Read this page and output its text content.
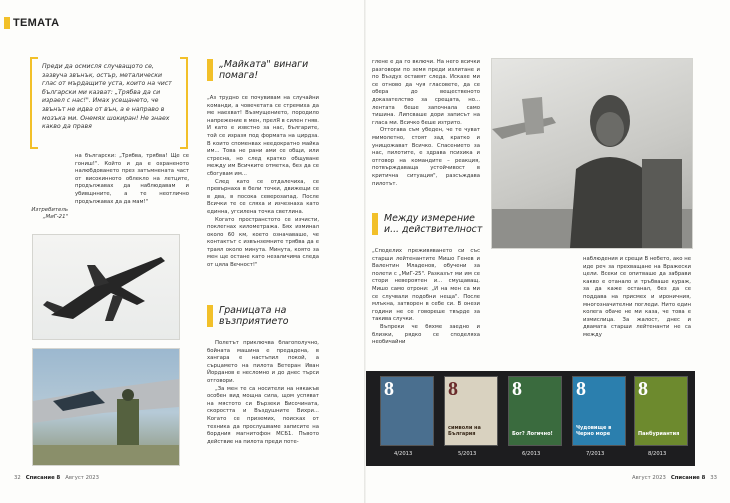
ТЕМАТА

Преди да осмисля случващото се, зазвуча звънък, остър, металически глас от мърдащите устa, които на чист български ми казват: „Трябва да си израел с нас!". Имах усещането, че звънът не идва от вън, а е направо в мозъка ми. Онемях шокиран! Не знаех какво да правя

Изтребитель „МиГ-21"

на български: „Трябва, трябва! Ще се гониш!". Който и да е охраненото налюбдоването през затъмнената част от високинното облекло на летците, продължавах да наблюдавам и убивщнните, а те неотлично продължавах да да мам!"

„Майката" винаги помага!

„Аз трудно се почувивам на случайни команди, а човечетата се стремиха да ме наехват! Възмущението, породило напрежение в мен, прелЯ в силен гняв. И като е извстно за нас, българите, той се изразя под формата на цирдза. В които споменвах неедократно майка им... Това не рани ами се общи, или стресна, но след кратко общуване между им Всичките отметка, без да се сбогувам им...

След като се отдалечиха, се превърнаха в бели точки, движещи се в два, в посока северозапад. После Всички те се сляха и изчезнаха като единна, угсилена точка светлина.

Когато пространстото се изчисти, поклегнах километража. Бях изминал около 60 км, което означаваше, че контактът с извънземните трябва да е траял около минута. Минута, която за мен ще остане като незаличима следа от цяла Вечност!"

Границата на възприятието

Полетът приключва благополучно, бойната машина е предадена, в хангара е настъпил покой, а сърцамето на пилота Ветеран Иван Йорданов е несломно и до днес търси отговори.

„За мен те са носители на някакъв особен вид мощна сила, щом успяват на мястото си Вързеки Височината, скоростта и Въздушните Вихри... Когато се приземих, поисках от техника да прослушваме записите на бордния магнитофон МСБ1. Пъвото действие на пилота преди поте-

глене е да го включи. На него всички разговори по земя преди излитане и по Въздух оставят следа. Искахе ми се отново да чуя гласовете, да се оберa до вещественото доказателство за срещата, но... лентата беше започнала само тишина. Липсваше дори записът на гласа ми. Всичко беше изтрито.

Оттогава съм убеден, че те чуват мимолетно, стоят зад кратко и унищожават Всичко. Спасението за нас, пилотите, е здрава психика и отговор на командите – реакция, потвърждаваща устойчивост в критична ситуация", разсъждава пилотът.

Между измерение и... действителност

„Споделих преживяването си със старши лейтенантите Мишо Генев и Валентин Младенов, обучени за полети с „МиГ-25". Разказът ми им се стори невероятен и... смущаващ. Мишо само отрони: „И на мен са ми се случвали подобни неща". После млъкна, затворен в себе си. В онези години не се говореше твърде за такива случки.

Въпреки че бяхме заедно и близки, рядко се споделяха необичайни

наблюдения и срещи В небето, ако не иде реч за прехващане на Вражески цели. Всеки се опитваше да забрави какво е отанало и тръбваше кураж, за да каже останал, без да се поддава на присмех и ироничния, многозначителни погледи. Нито един колега обаче не ми каза, че това е измислица. За жалост, днес и двамата старши лейтенанти не са между

8	8
символи на България
8
Бог? Логично!
8
Чудовище в Черно море
8
Панбуриантия
4/2013	5/2013	6/2013	7/2013	8/2013
32 Списание 8 Август 2023	Август 2023 Списание 8 33
